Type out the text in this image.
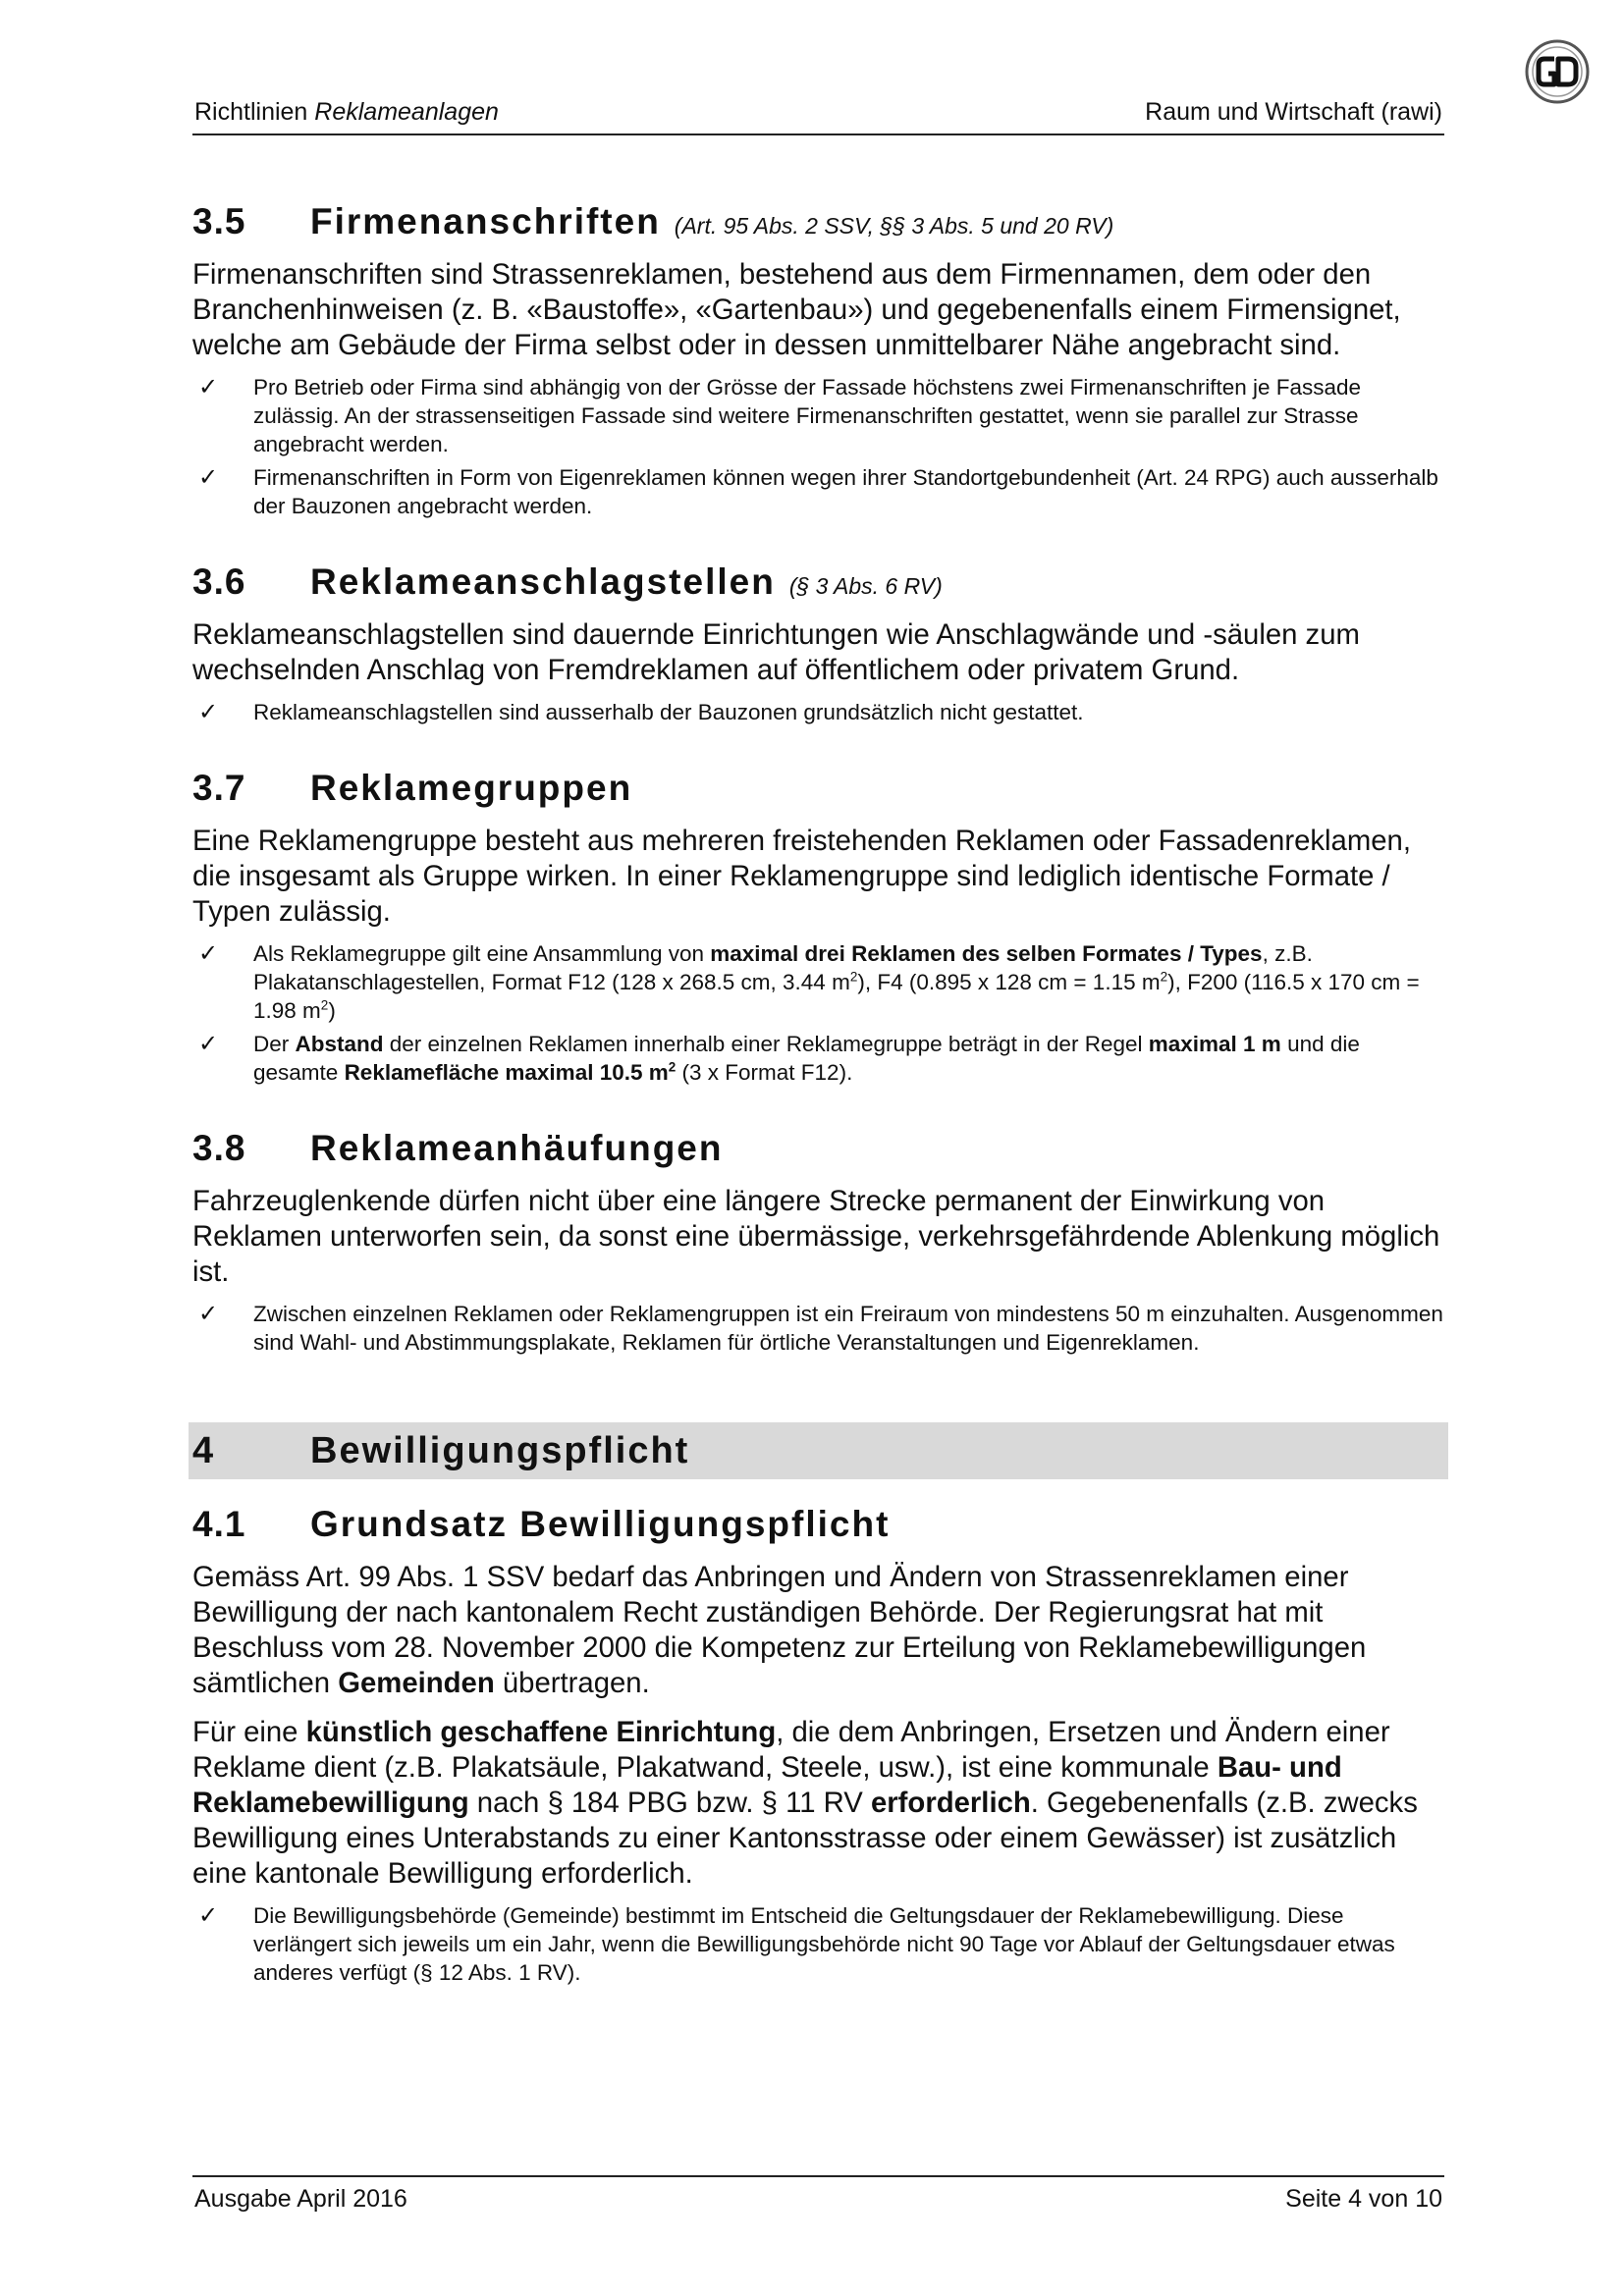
Richtlinien Reklameanlagen	Raum und Wirtschaft (rawi)
3.5 Firmenanschriften (Art. 95 Abs. 2 SSV, §§ 3 Abs. 5 und 20 RV)

Firmenanschriften sind Strassenreklamen, bestehend aus dem Firmennamen, dem oder den Branchenhinweisen (z. B. «Baustoffe», «Gartenbau») und gegebenenfalls einem Firmensignet, welche am Gebäude der Firma selbst oder in dessen unmittelbarer Nähe angebracht sind.

✓ Pro Betrieb oder Firma sind abhängig von der Grösse der Fassade höchstens zwei Firmenanschriften je Fassade zulässig. An der strassenseitigen Fassade sind weitere Firmenanschriften gestattet, wenn sie parallel zur Strasse angebracht werden.
✓ Firmenanschriften in Form von Eigenreklamen können wegen ihrer Standortgebundenheit (Art. 24 RPG) auch ausserhalb der Bauzonen angebracht werden.
3.6 Reklameanschlagstellen (§ 3 Abs. 6 RV)

Reklameanschlagstellen sind dauernde Einrichtungen wie Anschlagwände und -säulen zum wechselnden Anschlag von Fremdreklamen auf öffentlichem oder privatem Grund.

✓ Reklameanschlagstellen sind ausserhalb der Bauzonen grundsätzlich nicht gestattet.
3.7 Reklamegruppen

Eine Reklamengruppe besteht aus mehreren freistehenden Reklamen oder Fassadenreklamen, die insgesamt als Gruppe wirken. In einer Reklamengruppe sind lediglich identische Formate / Typen zulässig.

✓ Als Reklamegruppe gilt eine Ansammlung von maximal drei Reklamen des selben Formates / Types, z.B. Plakatanschlagestellen, Format F12 (128 x 268.5 cm, 3.44 $m^2$), F4 (0.895 x 128 cm = 1.15 $m^2$), F200 (116.5 x 170 cm = 1.98 $m^2$)
✓ Der Abstand der einzelnen Reklamen innerhalb einer Reklamegruppe beträgt in der Regel maximal 1 m und die gesamte Reklamefläche maximal 10.5 $m^2$ (3 x Format F12).
3.8 Reklameanhäufungen

Fahrzeuglenkende dürfen nicht über eine längere Strecke permanent der Einwirkung von Reklamen unterworfen sein, da sonst eine übermässige, verkehrsgefährdende Ablenkung möglich ist.

✓ Zwischen einzelnen Reklamen oder Reklamengruppen ist ein Freiraum von mindestens 50 m einzuhalten. Ausgenommen sind Wahl- und Abstimmungsplakate, Reklamen für örtliche Veranstaltungen und Eigenreklamen.
4	Bewilligungspflicht
4.1 Grundsatz Bewilligungspflicht

Gemäss Art. 99 Abs. 1 SSV bedarf das Anbringen und Ändern von Strassenreklamen einer Bewilligung der nach kantonalem Recht zuständigen Behörde. Der Regierungsrat hat mit Beschluss vom 28. November 2000 die Kompetenz zur Erteilung von Reklamebewilligungen sämtlichen Gemeinden übertragen.

Für eine künstlich geschaffene Einrichtung, die dem Anbringen, Ersetzen und Ändern einer Reklame dient (z.B. Plakatsäule, Plakatwand, Steele, usw.), ist eine kommunale Bau- und Reklamebewilligung nach § 184 PBG bzw. § 11 RV erforderlich. Gegebenenfalls (z.B. zwecks Bewilligung eines Unterabstands zu einer Kantonsstrasse oder einem Gewässer) ist zusätzlich eine kantonale Bewilligung erforderlich.

✓ Die Bewilligungsbehörde (Gemeinde) bestimmt im Entscheid die Geltungsdauer der Reklamebewilligung. Diese verlängert sich jeweils um ein Jahr, wenn die Bewilligungsbehörde nicht 90 Tage vor Ablauf der Geltungsdauer etwas anderes verfügt (§ 12 Abs. 1 RV).
Ausgabe April 2016	Seite 4 von 10
